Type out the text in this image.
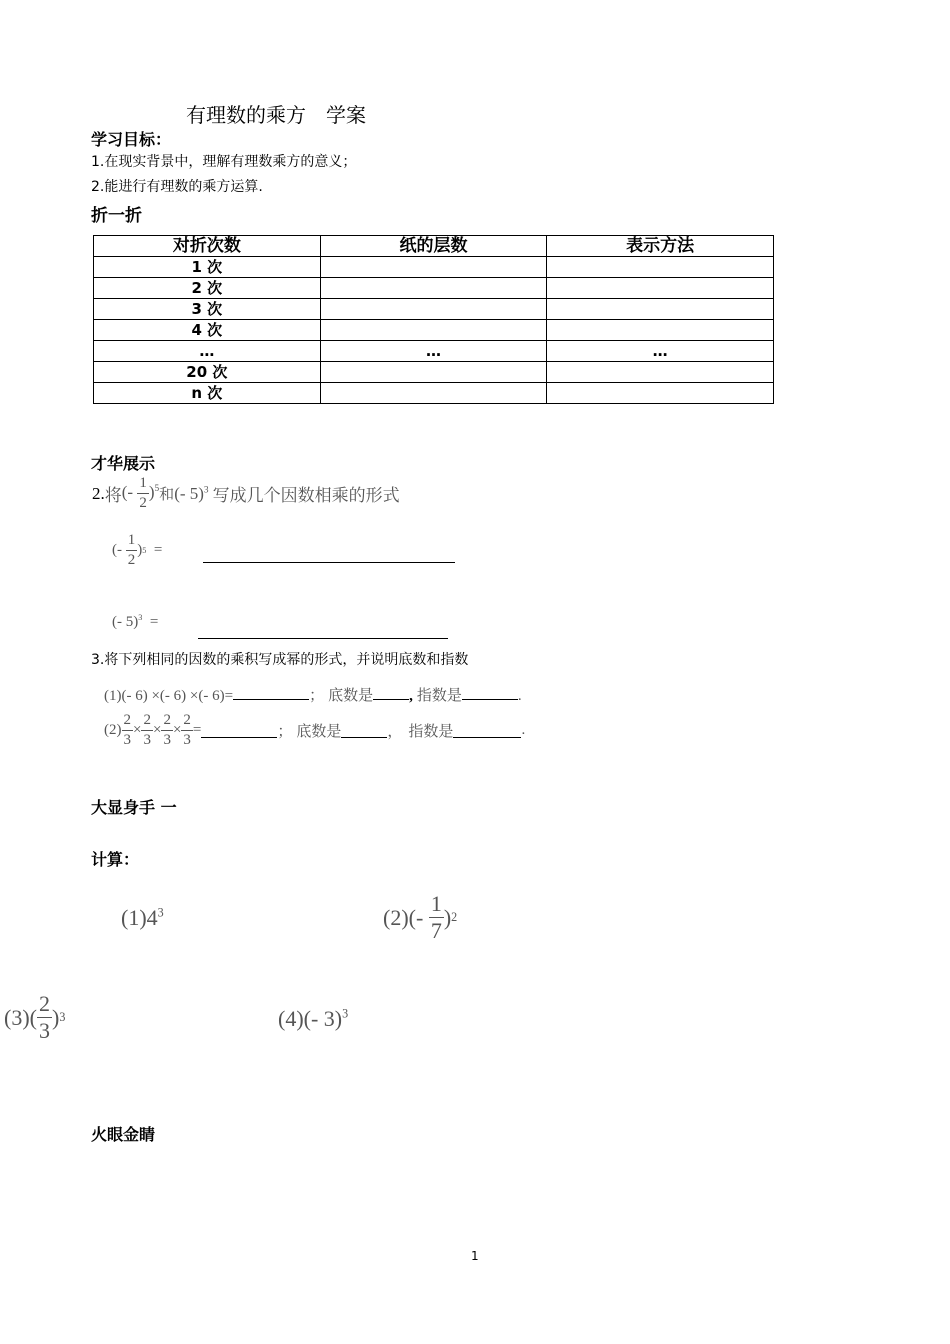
有理数的乘方　学案
学习目标：
1.在现实背景中，理解有理数乘方的意义；
2.能进行有理数的乘方运算.
折一折
对折次数	纸的层数	表示方法
1 次		
2 次		
3 次		
4 次		
…	…	…
20 次		
n 次		
才华展示
2. 将 (- $\frac{1}{2} )^5$ 和 (- 5)$^3$ 写成几个因数相乘的形式
(- $\frac{1}{2}$ ) 5 =
(- 5)$^3$  =
3.将下列相同的因数的乘积写成幂的形式，并说明底数和指数
(1)(- 6) ×(- 6) ×(- 6)=	； 底数是 , 指数是	.
$(2) \frac{2}{3} \times \frac{2}{3} \times \frac{2}{3} \times \frac{2}{3}$ =	； 底数是	， 指数是	.
大显身手 一
计算：
$(1)4^3$	$(2)(- \frac{1}{7}$ ) 2
$(3)( \frac{2}{3}$ ) 3	(4)(- 3)$^3$
火眼金睛
1
